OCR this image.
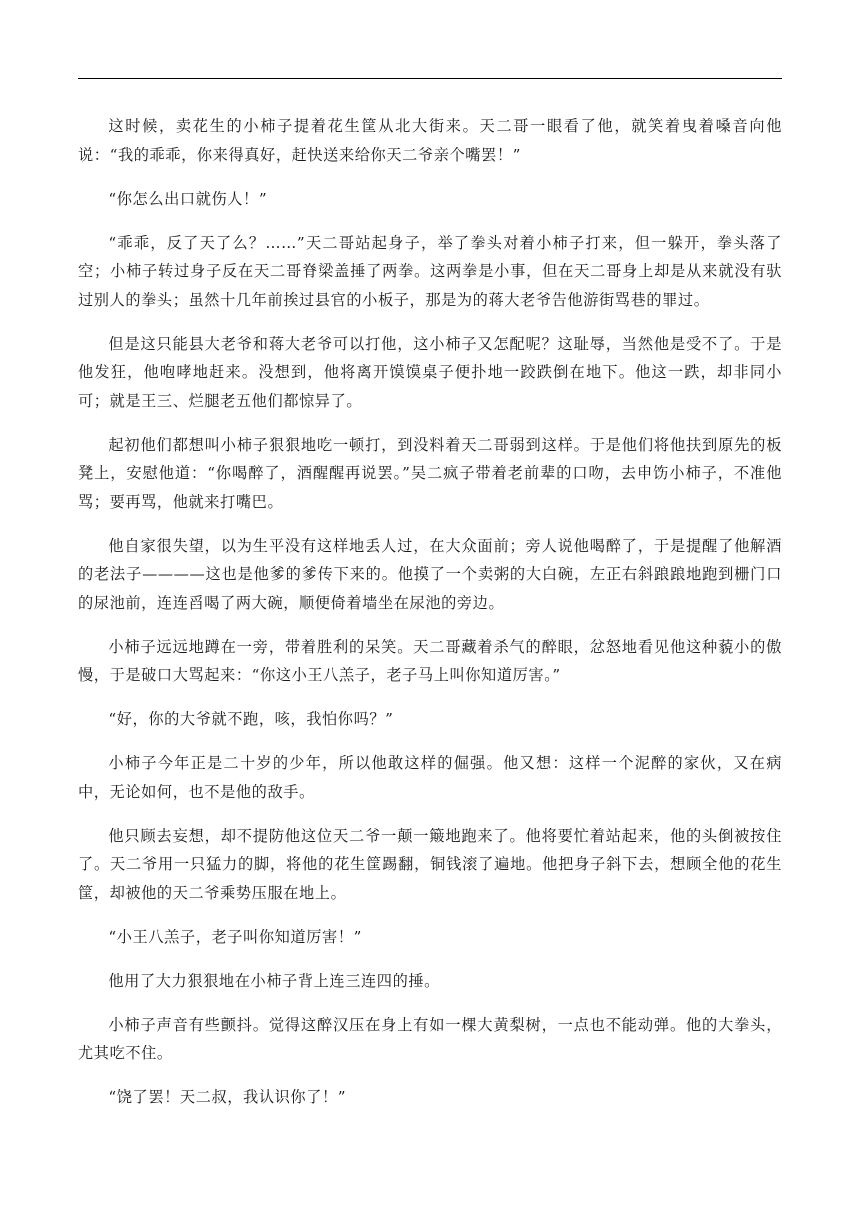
这时候，卖花生的小柿子提着花生筐从北大街来。天二哥一眼看了他，就笑着曳着嗓音向他说：“我的乖乖，你来得真好，赶快送来给你天二爷亲个嘴罢！”

“你怎么出口就伤人！”

“乖乖，反了天了么？……”天二哥站起身子，举了拳头对着小柿子打来，但一躲开，拳头落了空；小柿子转过身子反在天二哥脊梁盖捶了两拳。这两拳是小事，但在天二哥身上却是从来就没有驮过别人的拳头；虽然十几年前挨过县官的小板子，那是为的蒋大老爷告他游街骂巷的罪过。

但是这只能县大老爷和蒋大老爷可以打他，这小柿子又怎配呢？这耻辱，当然他是受不了。于是他发狂，他咆哮地赶来。没想到，他将离开馍馍桌子便扑地一跤跌倒在地下。他这一跌，却非同小可；就是王三、烂腿老五他们都惊异了。

起初他们都想叫小柿子狠狠地吃一顿打，到没料着天二哥弱到这样。于是他们将他扶到原先的板凳上，安慰他道：“你喝醉了，酒醒醒再说罢。”吴二疯子带着老前辈的口吻，去申饬小柿子，不准他骂；要再骂，他就来打嘴巴。

他自家很失望，以为生平没有这样地丢人过，在大众面前；旁人说他喝醉了，于是提醒了他解酒的老法子————这也是他爹的爹传下来的。他摸了一个卖粥的大白碗，左正右斜踉踉地跑到栅门口的尿池前，连连舀喝了两大碗，顺便倚着墙坐在尿池的旁边。

小柿子远远地蹲在一旁，带着胜利的呆笑。天二哥藏着杀气的醉眼，忿怒地看见他这种藐小的傲慢，于是破口大骂起来：“你这小王八羔子，老子马上叫你知道厉害。”

“好，你的大爷就不跑，咳，我怕你吗？”

小柿子今年正是二十岁的少年，所以他敢这样的倔强。他又想：这样一个泥醉的家伙，又在病中，无论如何，也不是他的敌手。

他只顾去妄想，却不提防他这位天二爷一颠一簸地跑来了。他将要忙着站起来，他的头倒被按住了。天二爷用一只猛力的脚，将他的花生筐踢翻，铜钱滚了遍地。他把身子斜下去，想顾全他的花生筐，却被他的天二爷乘势压服在地上。

“小王八羔子，老子叫你知道厉害！”

他用了大力狠狠地在小柿子背上连三连四的捶。

小柿子声音有些颤抖。觉得这醉汉压在身上有如一棵大黄梨树，一点也不能动弹。他的大拳头，尤其吃不住。

“饶了罢！天二叔，我认识你了！”
